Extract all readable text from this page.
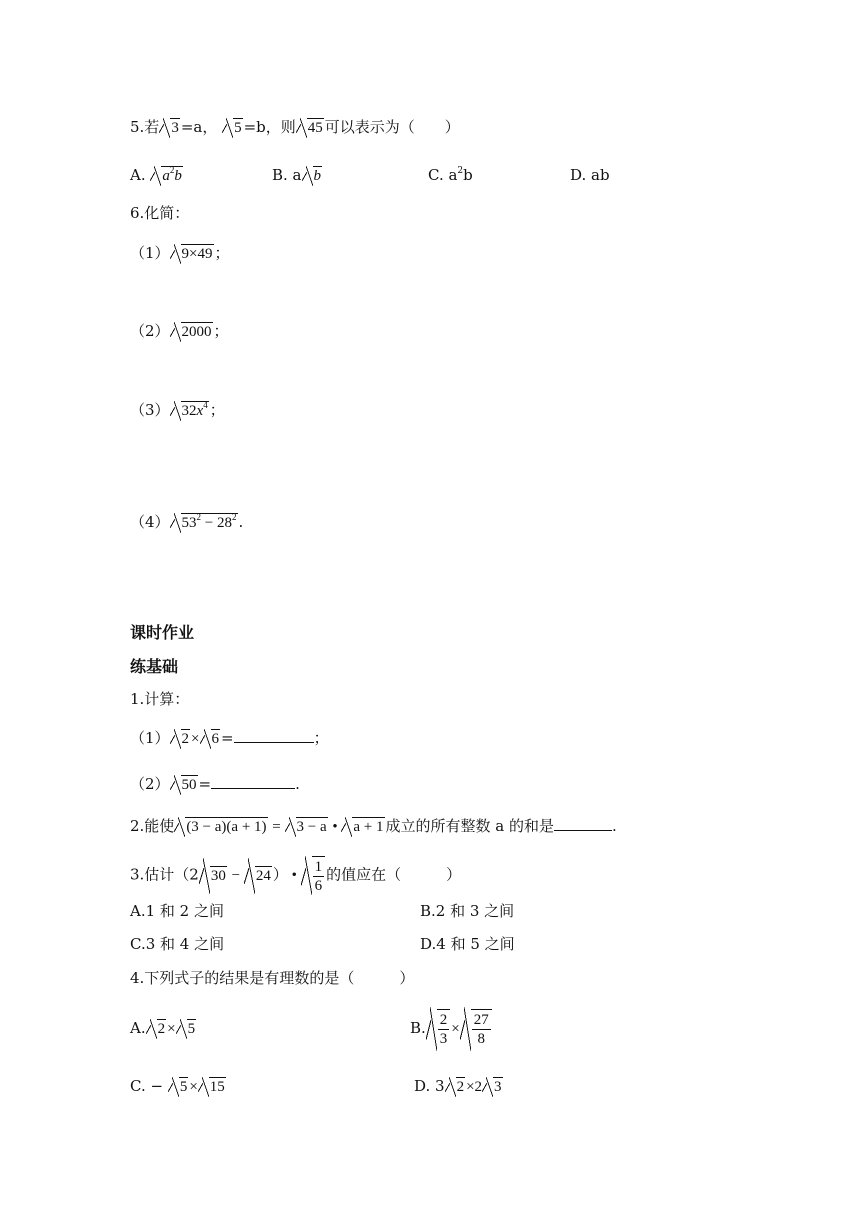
5.若 3 =a， 5 =b，则 45 可以表示为（　　）
A. $a^2b$	B. a b	C. $a^2b$	D. ab
6.化简：
（1） 9×49 ；
（2） 2000 ；
（3） $32x^4$ ；
（4） $53^2 - 28^2$ .
课时作业
练基础
1.计算：
（1） 2 × 6 =	；
（2） 50 =	.
2.能使 (3 − a)(a + 1) = 3 − a • a + 1 成立的所有整数 a 的和是	.
3.估计（2 30 − 24 ） • $\frac{1}{6}$ 的值应在（　　　）
A.1 和 2 之间	B.2 和 3 之间
C.3 和 4 之间	D.4 和 5 之间
4.下列式子的结果是有理数的是（　　　）
A. 2 × 5	B. $\frac{2}{3} \times \frac{27}{8}$
C. − 5 × 15	D. 3 2 ×2 3
